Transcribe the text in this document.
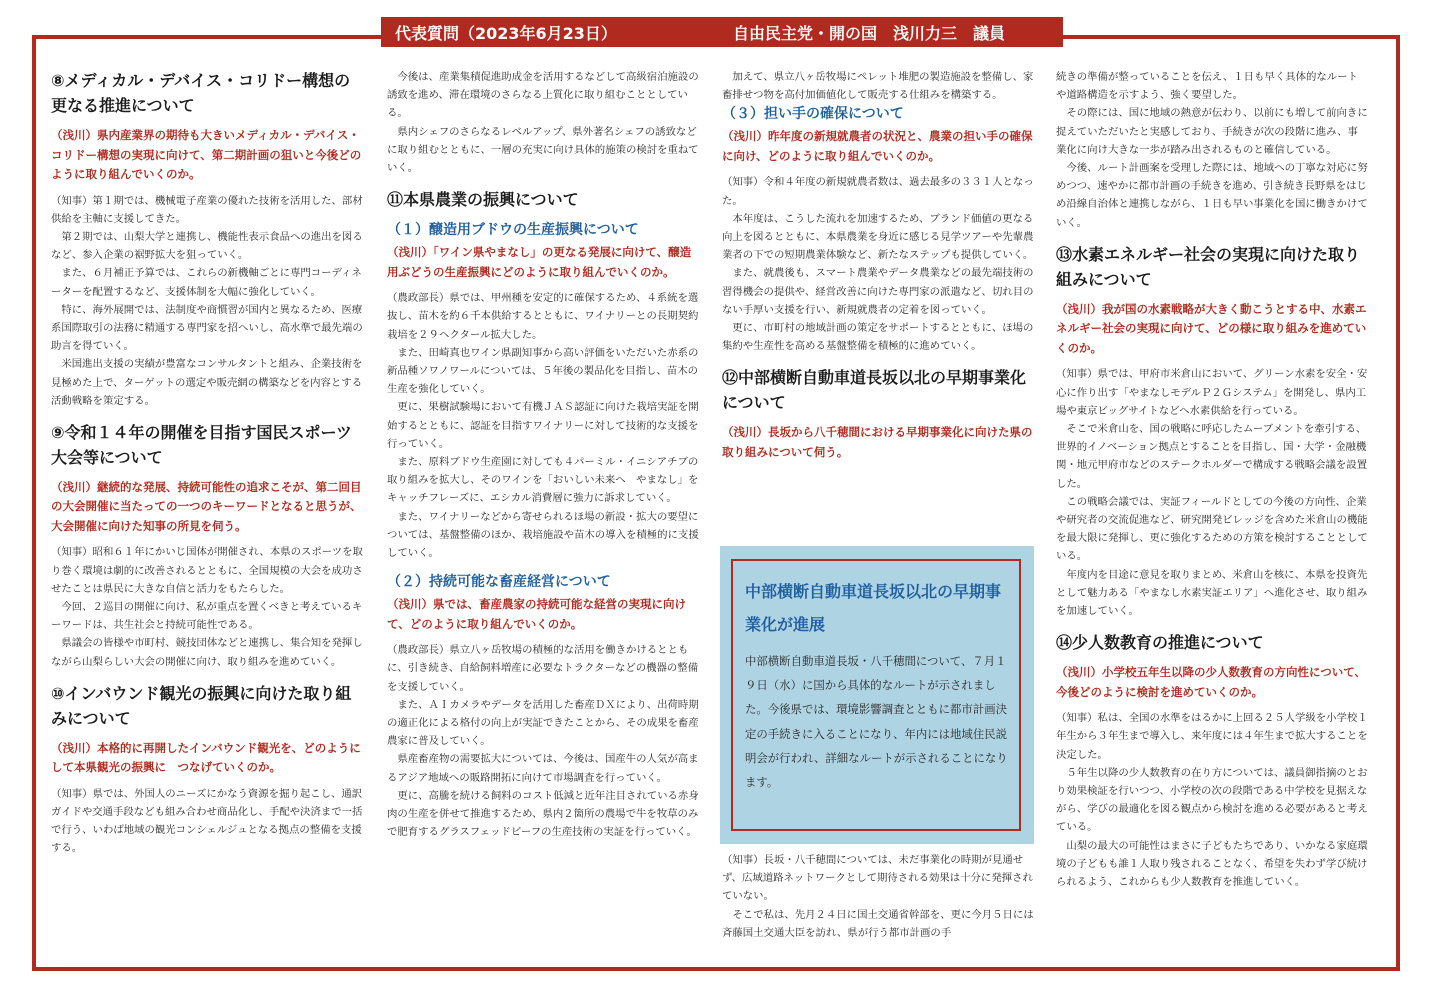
代表質問（2023年6月23日）	自由民主党・開の国　浅川力三　議員
⑧メディカル・デバイス・コリドー構想の更なる推進について
（浅川）県内産業界の期待も大きいメディカル・デバイス・コリドー構想の実現に向けて、第二期計画の狙いと今後どのように取り組んでいくのか。
（知事）第１期では、機械電子産業の優れた技術を活用した、部材供給を主軸に支援してきた。
　第２期では、山梨大学と連携し、機能性表示食品への進出を図るなど、参入企業の裾野拡大を狙っていく。
　また、６月補正予算では、これらの新機軸ごとに専門コーディネーターを配置するなど、支援体制を大幅に強化していく。
　特に、海外展開では、法制度や商慣習が国内と異なるため、医療系国際取引の法務に精通する専門家を招へいし、高水準で最先端の助言を得ていく。
　米国進出支援の実績が豊富なコンサルタントと組み、企業技術を見極めた上で、ターゲットの選定や販売網の構築などを内容とする活動戦略を策定する。
⑨令和１４年の開催を目指す国民スポーツ大会等について
（浅川）継続的な発展、持続可能性の追求こそが、第二回目の大会開催に当たっての一つのキーワードとなると思うが、大会開催に向けた知事の所見を伺う。
（知事）昭和６１年にかいじ国体が開催され、本県のスポーツを取り巻く環境は劇的に改善されるとともに、全国規模の大会を成功させたことは県民に大きな自信と活力をもたらした。
　今回、２巡目の開催に向け、私が重点を置くべきと考えているキーワードは、共生社会と持続可能性である。
　県議会の皆様や市町村、競技団体などと連携し、集合知を発揮しながら山梨らしい大会の開催に向け、取り組みを進めていく。
⑩インバウンド観光の振興に向けた取り組みについて
（浅川）本格的に再開したインバウンド観光を、どのようにして本県観光の振興に　つなげていくのか。
（知事）県では、外国人のニーズにかなう資源を掘り起こし、通訳ガイドや交通手段なども組み合わせ商品化し、手配や決済まで一括で行う、いわば地域の観光コンシェルジュとなる拠点の整備を支援する。
　今後は、産業集積促進助成金を活用するなどして高級宿泊施設の誘致を進め、滞在環境のさらなる上質化に取り組むこととしている。
　県内シェフのさらなるレベルアップ、県外著名シェフの誘致などに取り組むとともに、一層の充実に向け具体的施策の検討を重ねていく。
⑪本県農業の振興について
（１）醸造用ブドウの生産振興について
（浅川）「ワイン県やまなし」の更なる発展に向けて、醸造用ぶどうの生産振興にどのように取り組んでいくのか。
（農政部長）県では、甲州種を安定的に確保するため、４系統を選抜し、苗木を約６千本供給するとともに、ワイナリーとの長期契約栽培を２９ヘクタール拡大した。
　また、田崎真也ワイン県副知事から高い評価をいただいた赤系の新品種ソワノワールについては、５年後の製品化を目指し、苗木の生産を強化していく。
　更に、果樹試験場において有機ＪＡＳ認証に向けた栽培実証を開始するとともに、認証を目指すワイナリーに対して技術的な支援を行っていく。
　また、原料ブドウ生産園に対しても４パーミル・イニシアチブの取り組みを拡大し、そのワインを「おいしい未来へ　やまなし」をキャッチフレーズに、エシカル消費層に強力に訴求していく。
　また、ワイナリーなどから寄せられるほ場の新設・拡大の要望については、基盤整備のほか、栽培施設や苗木の導入を積極的に支援していく。
（２）持続可能な畜産経営について
（浅川）県では、畜産農家の持続可能な経営の実現に向けて、どのように取り組んでいくのか。
（農政部長）県立八ヶ岳牧場の積極的な活用を働きかけるとともに、引き続き、自給飼料増産に必要なトラクターなどの機器の整備を支援していく。
　また、ＡＩカメラやデータを活用した畜産ＤＸにより、出荷時期の適正化による格付の向上が実証できたことから、その成果を畜産農家に普及していく。
　県産畜産物の需要拡大については、今後は、国産牛の人気が高まるアジア地域への販路開拓に向けて市場調査を行っていく。
　更に、高騰を続ける飼料のコスト低減と近年注目されている赤身肉の生産を併せて推進するため、県内２箇所の農場で牛を牧草のみで肥育するグラスフェッドビーフの生産技術の実証を行っていく。
　加えて、県立八ヶ岳牧場にペレット堆肥の製造施設を整備し、家畜排せつ物を高付加価値化して販売する仕組みを構築する。
（３）担い手の確保について
（浅川）昨年度の新規就農者の状況と、農業の担い手の確保に向け、どのように取り組んでいくのか。
（知事）令和４年度の新規就農者数は、過去最多の３３１人となった。
　本年度は、こうした流れを加速するため、ブランド価値の更なる向上を図るとともに、本県農業を身近に感じる見学ツアーや先輩農業者の下での短期農業体験など、新たなステップも提供していく。
　また、就農後も、スマート農業やデータ農業などの最先端技術の習得機会の提供や、経営改善に向けた専門家の派遣など、切れ目のない手厚い支援を行い、新規就農者の定着を図っていく。
　更に、市町村の地域計画の策定をサポートするとともに、ほ場の集約や生産性を高める基盤整備を積極的に進めていく。
⑫中部横断自動車道長坂以北の早期事業化について
（浅川）長坂から八千穂間における早期事業化に向けた県の取り組みについて伺う。
中部横断自動車道長坂以北の早期事業化が進展
中部横断自動車道長坂・八千穂間について、７月１９日（水）に国から具体的なルートが示されました。今後県では、環境影響調査とともに都市計画決定の手続きに入ることになり、年内には地域住民説明会が行われ、詳細なルートが示されることになります。
（知事）長坂・八千穂間については、未だ事業化の時期が見通せず、広域道路ネットワークとして期待される効果は十分に発揮されていない。
　そこで私は、先月２４日に国土交通省幹部を、更に今月５日には斉藤国土交通大臣を訪れ、県が行う都市計画の手
続きの準備が整っていることを伝え、１日も早く具体的なルートや道路構造を示すよう、強く要望した。
　その際には、国に地域の熱意が伝わり、以前にも増して前向きに捉えていただいたと実感しており、手続きが次の段階に進み、事業化に向け大きな一歩が踏み出されるものと確信している。
　今後、ルート計画案を受理した際には、地域への丁寧な対応に努めつつ、速やかに都市計画の手続きを進め、引き続き長野県をはじめ沿線自治体と連携しながら、１日も早い事業化を国に働きかけていく。
⑬水素エネルギー社会の実現に向けた取り組みについて
（浅川）我が国の水素戦略が大きく動こうとする中、水素エネルギー社会の実現に向けて、どの様に取り組みを進めていくのか。
（知事）県では、甲府市米倉山において、グリーン水素を安全・安心に作り出す「やまなしモデルＰ２Ｇシステム」を開発し、県内工場や東京ビッグサイトなどへ水素供給を行っている。
　そこで米倉山を、国の戦略に呼応したムーブメントを牽引する、世界的イノベーション拠点とすることを目指し、国・大学・金融機関・地元甲府市などのステークホルダーで構成する戦略会議を設置した。
　この戦略会議では、実証フィールドとしての今後の方向性、企業や研究者の交流促進など、研究開発ビレッジを含めた米倉山の機能を最大限に発揮し、更に強化するための方策を検討することとしている。
　年度内を目途に意見を取りまとめ、米倉山を核に、本県を投資先として魅力ある「やまなし水素実証エリア」へ進化させ、取り組みを加速していく。
⑭少人数教育の推進について
（浅川）小学校五年生以降の少人数教育の方向性について、今後どのように検討を進めていくのか。
（知事）私は、全国の水準をはるかに上回る２５人学級を小学校１年生から３年生まで導入し、来年度には４年生まで拡大することを決定した。
　５年生以降の少人数教育の在り方については、議員御指摘のとおり効果検証を行いつつ、小学校の次の段階である中学校を見据えながら、学びの最適化を図る観点から検討を進める必要があると考えている。
　山梨の最大の可能性はまさに子どもたちであり、いかなる家庭環境の子どもも誰１人取り残されることなく、希望を失わず学び続けられるよう、これからも少人数教育を推進していく。
